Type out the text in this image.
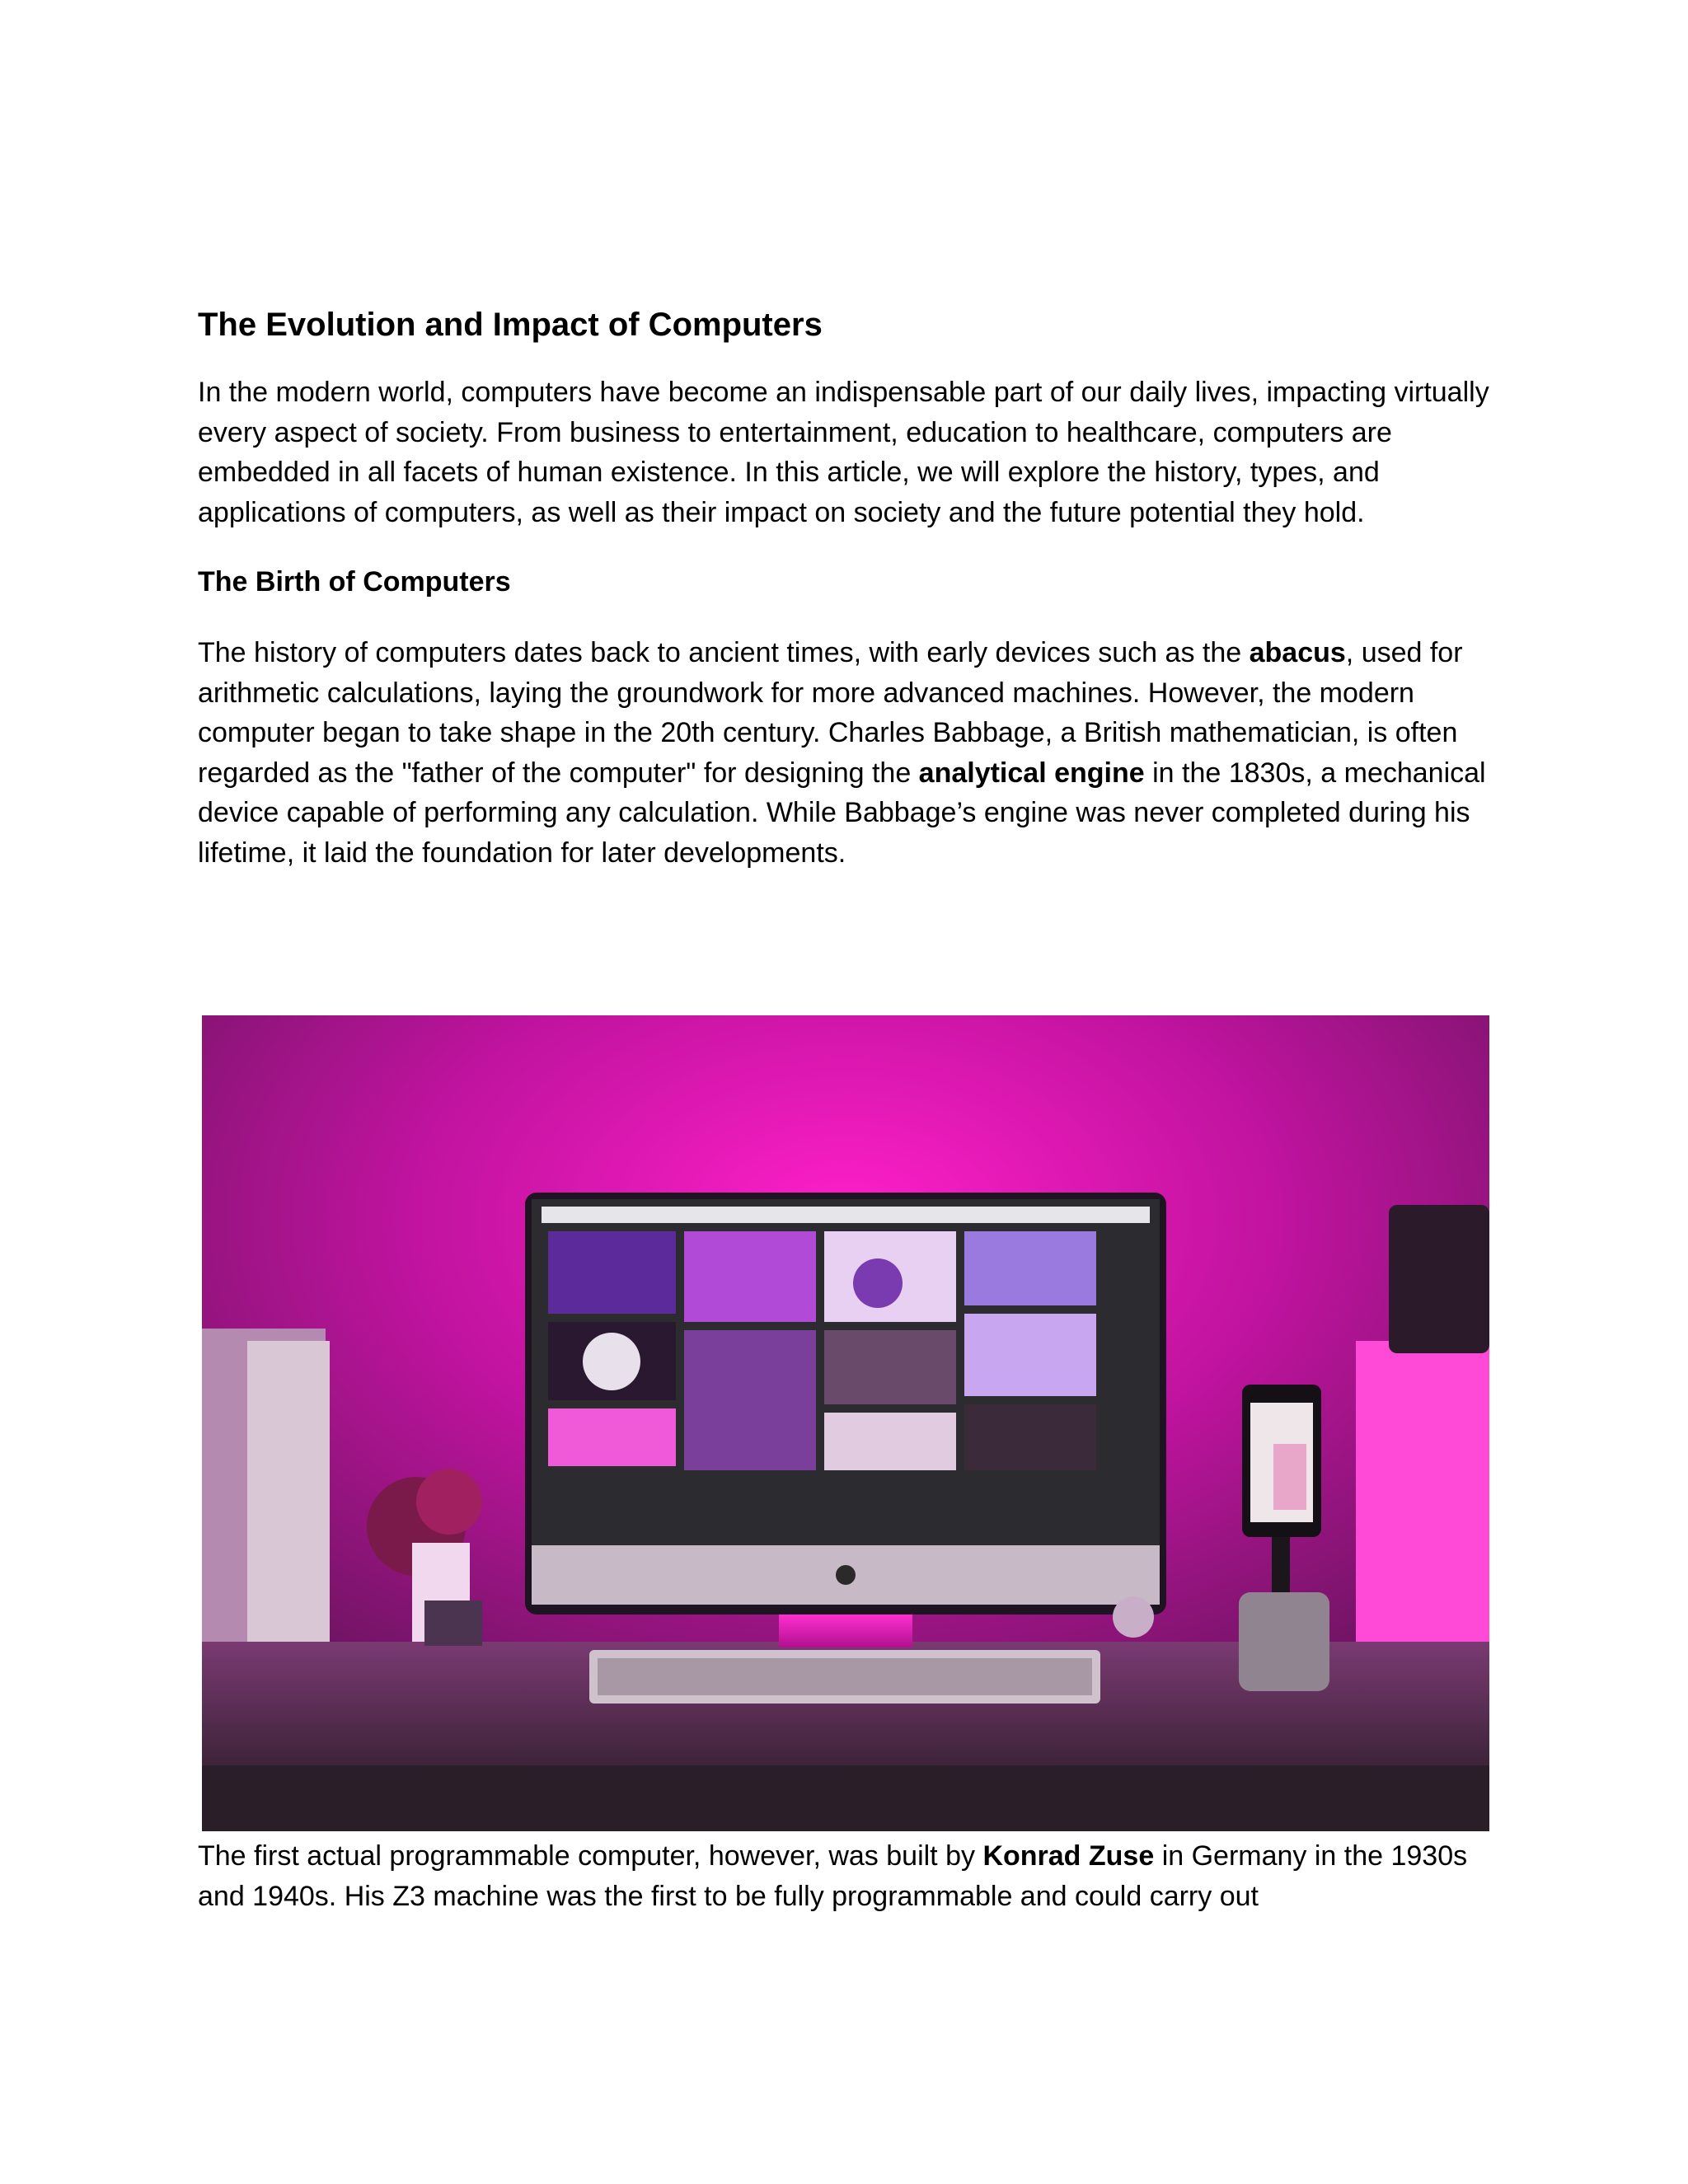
The Evolution and Impact of Computers

In the modern world, computers have become an indispensable part of our daily lives, impacting virtually every aspect of society. From business to entertainment, education to healthcare, computers are embedded in all facets of human existence. In this article, we will explore the history, types, and applications of computers, as well as their impact on society and the future potential they hold.

The Birth of Computers

The history of computers dates back to ancient times, with early devices such as the abacus, used for arithmetic calculations, laying the groundwork for more advanced machines. However, the modern computer began to take shape in the 20th century. Charles Babbage, a British mathematician, is often regarded as the "father of the computer" for designing the analytical engine in the 1830s, a mechanical device capable of performing any calculation. While Babbage’s engine was never completed during his lifetime, it laid the foundation for later developments.

The first actual programmable computer, however, was built by Konrad Zuse in Germany in the 1930s and 1940s. His Z3 machine was the first to be fully programmable and could carry out
